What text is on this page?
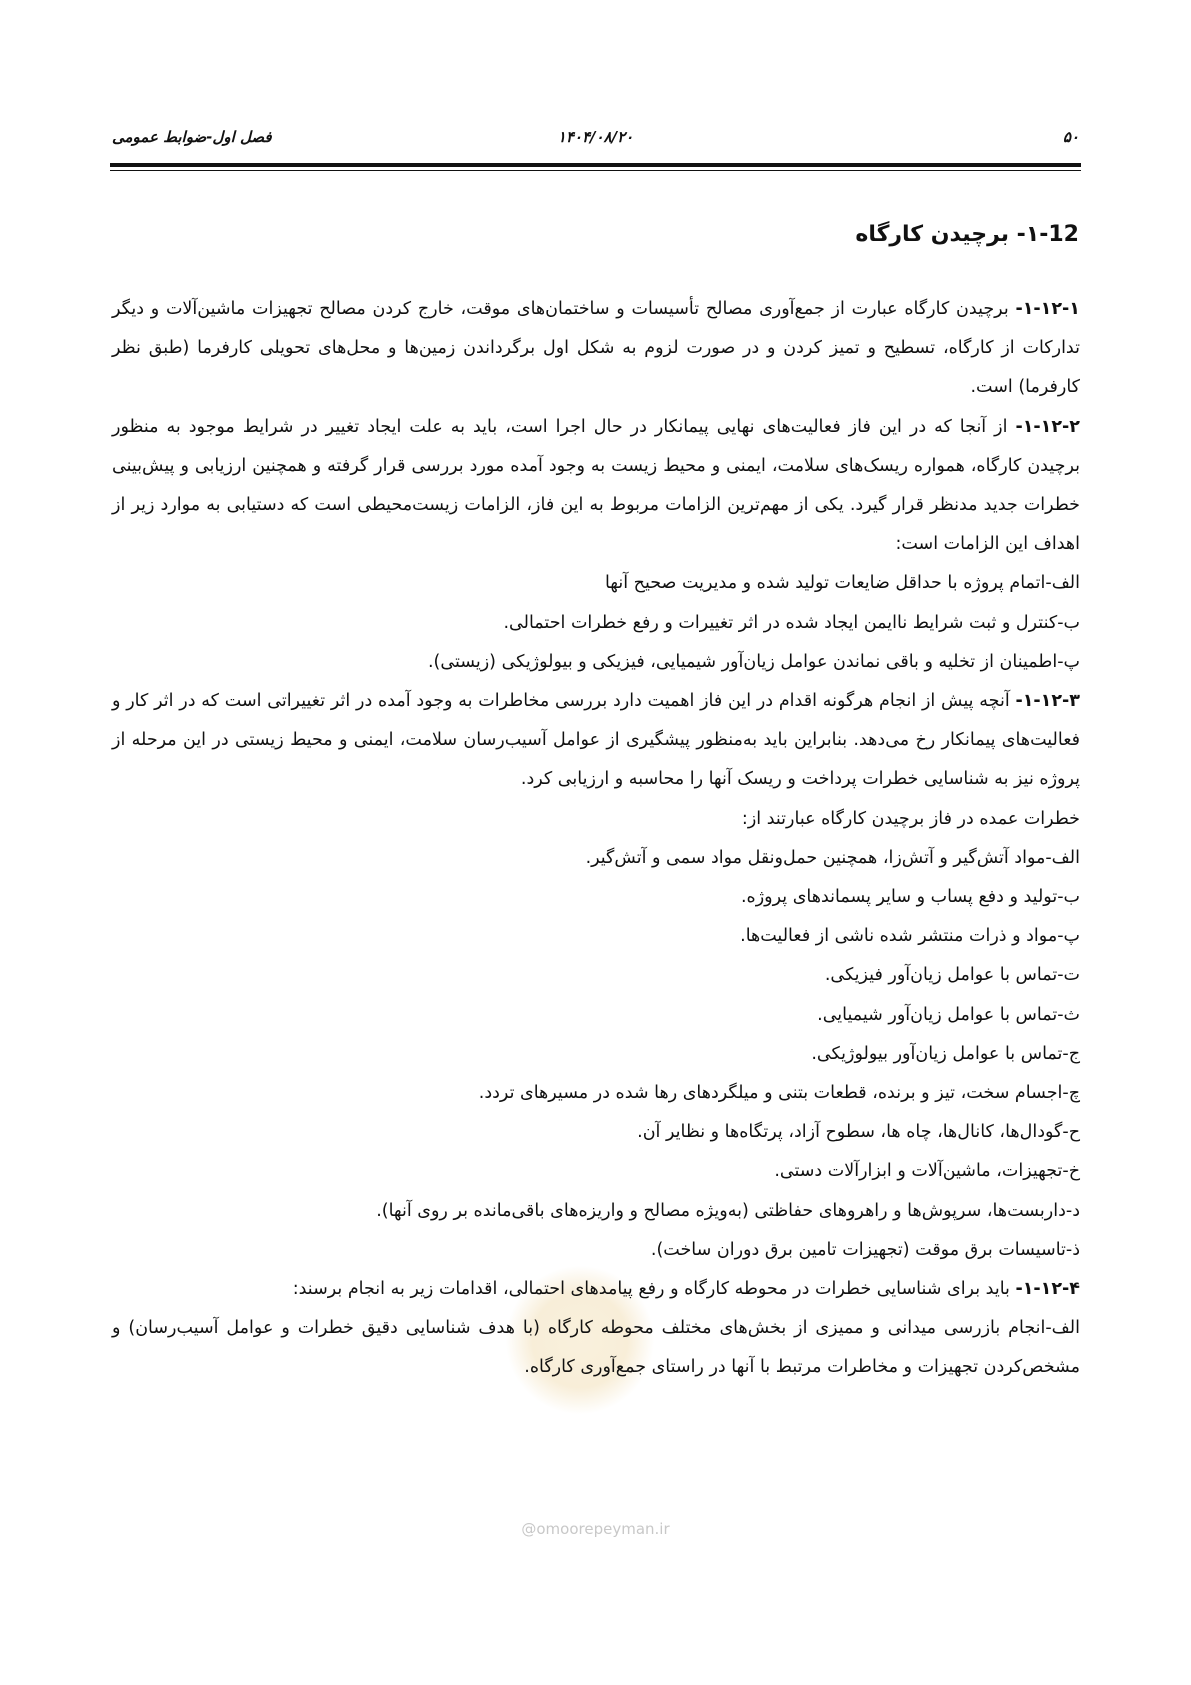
فصل اول-ضوابط عمومی	۱۴۰۴/۰۸/۲۰	۵۰
۱-12- برچیدن کارگاه

۱-۱۲-۱- برچیدن کارگاه عبارت از جمع‌آوری مصالح تأسیسات و ساختمان‌های موقت، خارج کردن مصالح تجهیزات ماشین‌آلات و دیگر تدارکات از کارگاه، تسطیح و تمیز کردن و در صورت لزوم به شکل اول برگرداندن زمین‌ها و محل‌های تحویلی کارفرما (طبق نظر کارفرما) است.

۱-۱۲-۲- از آنجا که در این فاز فعالیت‌های نهایی پیمانکار در حال اجرا است، باید به علت ایجاد تغییر در شرایط موجود به منظور برچیدن کارگاه، همواره ریسک‌های سلامت، ایمنی و محیط زیست به وجود آمده مورد بررسی قرار گرفته و همچنین ارزیابی و پیش‌بینی خطرات جدید مدنظر قرار گیرد. یکی از مهم‌ترین الزامات مربوط به این فاز، الزامات زیست‌محیطی است که دستیابی به موارد زیر از اهداف این الزامات است:

الف-اتمام پروژه با حداقل ضایعات تولید شده و مدیریت صحیح آنها

ب-کنترل و ثبت شرایط ناایمن ایجاد شده در اثر تغییرات و رفع خطرات احتمالی.

پ-اطمینان از تخلیه و باقی نماندن عوامل زیان‌آور شیمیایی، فیزیکی و بیولوژیکی (زیستی).

۱-۱۲-۳- آنچه پیش از انجام هرگونه اقدام در این فاز اهمیت دارد بررسی مخاطرات به وجود آمده در اثر تغییراتی است که در اثر کار و فعالیت‌های پیمانکار رخ می‌دهد. بنابراین باید به‌منظور پیشگیری از عوامل آسیب‌رسان سلامت، ایمنی و محیط زیستی در این مرحله از پروژه نیز به شناسایی خطرات پرداخت و ریسک آنها را محاسبه و ارزیابی کرد.

خطرات عمده در فاز برچیدن کارگاه عبارتند از:

الف-مواد آتش‌گیر و آتش‌زا، همچنین حمل‌ونقل مواد سمی و آتش‌گیر.

ب-تولید و دفع پساب و سایر پسماندهای پروژه.

پ-مواد و ذرات منتشر شده ناشی از فعالیت‌ها.

ت-تماس با عوامل زیان‌آور فیزیکی.

ث-تماس با عوامل زیان‌آور شیمیایی.

ج-تماس با عوامل زیان‌آور بیولوژیکی.

چ-اجسام سخت، تیز و برنده، قطعات بتنی و میلگردهای رها شده در مسیرهای تردد.

ح-گودال‌ها، کانال‌ها، چاه ها، سطوح آزاد، پرتگاه‌ها و نظایر آن.

خ-تجهیزات، ماشین‌آلات و ابزارآلات دستی.

د-داربست‌ها، سرپوش‌ها و راهروهای حفاظتی (به‌ویژه مصالح و واریزه‌های باقی‌مانده بر روی آنها).

ذ-تاسیسات برق موقت (تجهیزات تامین برق دوران ساخت).

۱-۱۲-۴- باید برای شناسایی خطرات در محوطه کارگاه و رفع پیامدهای احتمالی، اقدامات زیر به انجام برسند:

الف-انجام بازرسی میدانی و ممیزی از بخش‌های مختلف محوطه کارگاه (با هدف شناسایی دقیق خطرات و عوامل آسیب‌رسان) و مشخص‌کردن تجهیزات و مخاطرات مرتبط با آنها در راستای جمع‌آوری کارگاه.

@omoorepeyman.ir
